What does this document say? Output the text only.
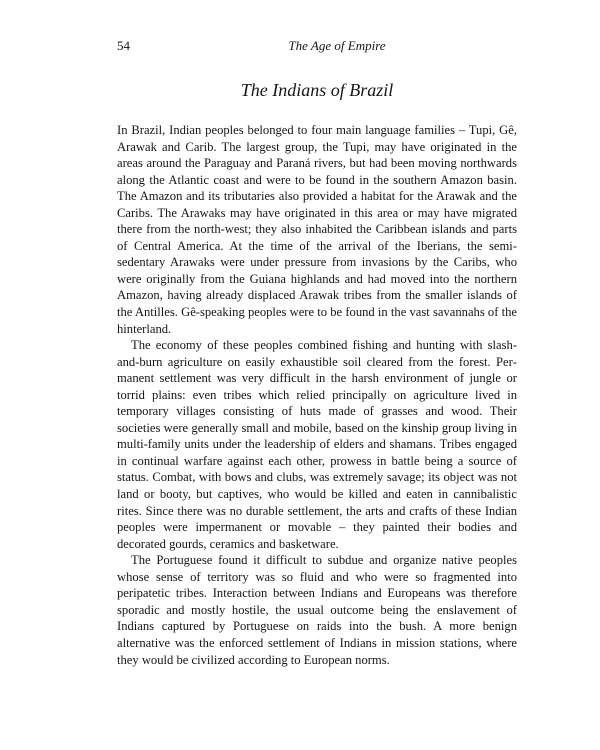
54	The Age of Empire
The Indians of Brazil

In Brazil, Indian peoples belonged to four main language families – Tupi, Gê, Arawak and Carib. The largest group, the Tupi, may have originated in the areas around the Paraguay and Paraná rivers, but had been moving northwards along the Atlantic coast and were to be found in the southern Amazon basin. The Amazon and its tributaries also provided a habitat for the Arawak and the Caribs. The Arawaks may have originated in this area or may have migrated there from the north-west; they also inhabited the Caribbean islands and parts of Central America. At the time of the arrival of the Iberians, the semi-sedentary Arawaks were under pressure from invasions by the Caribs, who were originally from the Guiana highlands and had moved into the northern Amazon, having already displaced Arawak tribes from the smaller islands of the Antilles. Gê-speaking peoples were to be found in the vast savannahs of the hinterland.

The economy of these peoples combined fishing and hunting with slash-and-burn agriculture on easily exhaustible soil cleared from the forest. Permanent settlement was very difficult in the harsh environment of jungle or torrid plains: even tribes which relied principally on agriculture lived in temporary villages consisting of huts made of grasses and wood. Their societies were generally small and mobile, based on the kinship group living in multi-family units under the leadership of elders and shamans. Tribes engaged in continual warfare against each other, prowess in battle being a source of status. Combat, with bows and clubs, was extremely savage; its object was not land or booty, but captives, who would be killed and eaten in cannibalistic rites. Since there was no durable settlement, the arts and crafts of these Indian peoples were impermanent or movable – they painted their bodies and decorated gourds, ceramics and basketware.

The Portuguese found it difficult to subdue and organize native peoples whose sense of territory was so fluid and who were so fragmented into peripatetic tribes. Interaction between Indians and Europeans was therefore sporadic and mostly hostile, the usual outcome being the enslavement of Indians captured by Portuguese on raids into the bush. A more benign alternative was the enforced settlement of Indians in mission stations, where they would be civilized according to European norms.
